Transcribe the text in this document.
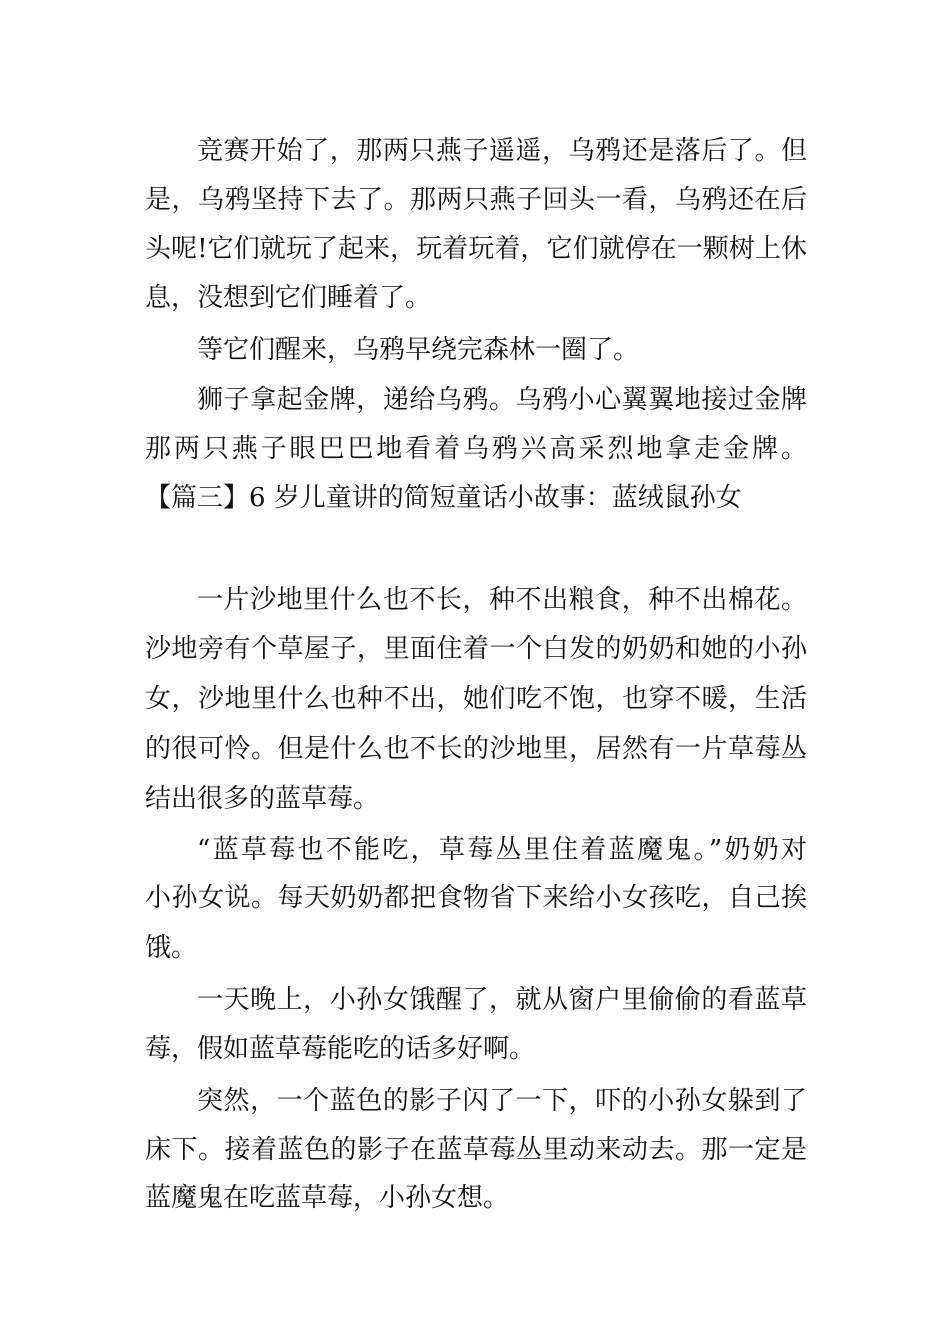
竞赛开始了，那两只燕子遥遥，乌鸦还是落后了。但
是，乌鸦坚持下去了。那两只燕子回头一看，乌鸦还在后
头呢!它们就玩了起来，玩着玩着，它们就停在一颗树上休
息，没想到它们睡着了。
等它们醒来，乌鸦早绕完森林一圈了。
狮子拿起金牌，递给乌鸦。乌鸦小心翼翼地接过金牌
那两只燕子眼巴巴地看着乌鸦兴高采烈地拿走金牌。
【篇三】6 岁儿童讲的简短童话小故事：蓝绒鼠孙女
一片沙地里什么也不长，种不出粮食，种不出棉花。
沙地旁有个草屋子，里面住着一个白发的奶奶和她的小孙
女，沙地里什么也种不出，她们吃不饱，也穿不暖，生活
的很可怜。但是什么也不长的沙地里，居然有一片草莓丛
结出很多的蓝草莓。
“蓝草莓也不能吃，草莓丛里住着蓝魔鬼。”奶奶对
小孙女说。每天奶奶都把食物省下来给小女孩吃，自己挨
饿。
一天晚上，小孙女饿醒了，就从窗户里偷偷的看蓝草
莓，假如蓝草莓能吃的话多好啊。
突然，一个蓝色的影子闪了一下，吓的小孙女躲到了
床下。接着蓝色的影子在蓝草莓丛里动来动去。那一定是
蓝魔鬼在吃蓝草莓，小孙女想。
